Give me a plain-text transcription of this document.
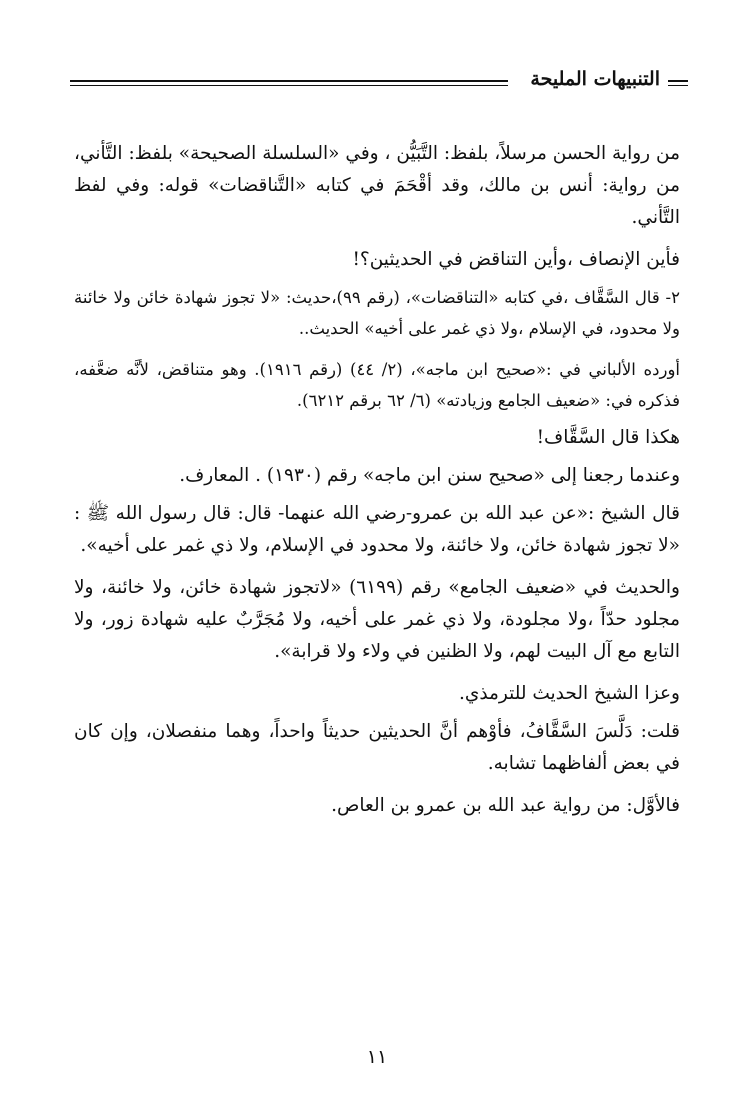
التنبيهات المليحة

من رواية الحسن مرسلاً، بلفظ: التَّبَيُّن ، وفي «السلسلة الصحيحة» بلفظ: التَّأني، من رواية: أنس بن مالك، وقد أقْحَمَ في كتابه «التَّناقضات» قوله: وفي لفظ التَّأني.

فأين الإنصاف ،وأين التناقض في الحديثين؟!

٢- قال السَّقَّاف ،في كتابه «التناقضات»، (رقم ٩٩)،حديث: «لا تجوز شهادة خائن ولا خائنة ولا محدود، في الإسلام ،ولا ذي غمر على أخيه» الحديث..

أورده الألباني في :«صحيح ابن ماجه»، (٢/ ٤٤) (رقم ١٩١٦). وهو متناقض، لأنَّه ضعَّفه، فذكره في: «ضعيف الجامع وزيادته» (٦/ ٦٢ برقم ٦٢١٢).

هكذا قال السَّقَّاف!

وعندما رجعنا إلى «صحيح سنن ابن ماجه» رقم (١٩٣٠) . المعارف.

قال الشيخ :«عن عبد الله بن عمرو-رضي الله عنهما- قال: قال رسول الله ﷺ : «لا تجوز شهادة خائن، ولا خائنة، ولا محدود في الإسلام، ولا ذي غمر على أخيه».

والحديث في «ضعيف الجامع» رقم (٦١٩٩) «لاتجوز شهادة خائن، ولا خائنة، ولا مجلود حدّاً ،ولا مجلودة، ولا ذي غمر على أخيه، ولا مُجَرَّبٌ عليه شهادة زور، ولا التابع مع آل البيت لهم، ولا الظنين في ولاء ولا قرابة».

وعزا الشيخ الحديث للترمذي.

قلت: دَلَّسَ السَّقَّافُ، فأوْهم أنَّ الحديثين حديثاً واحداً، وهما منفصلان، وإن كان في بعض ألفاظهما تشابه.

فالأوَّل: من رواية عبد الله بن عمرو بن العاص.

١١
